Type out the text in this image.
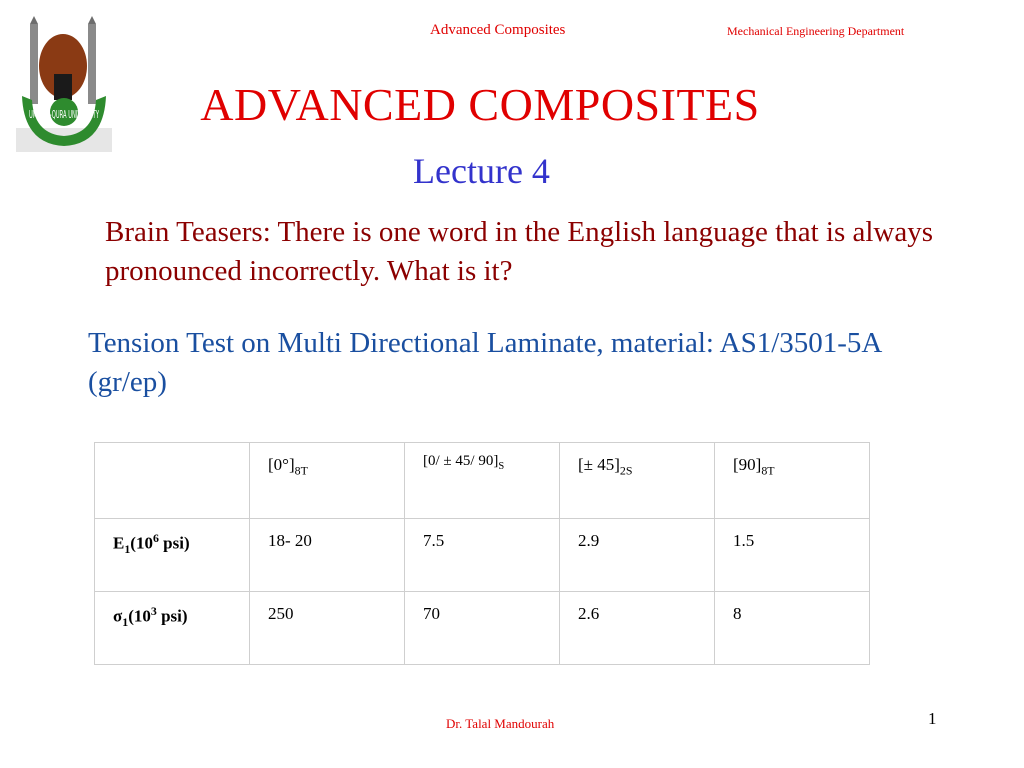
UMM AL-QURA UNIVERSITY
Advanced Composites	Mechanical Engineering Department
ADVANCED COMPOSITES
Lecture 4
Brain Teasers: There is one word in the English language that is always pronounced incorrectly. What is it?
Tension Test on Multi Directional Laminate, material: AS1/3501-5A (gr/ep)
	$[0^\circ]_{8T}$	[0/ ± 45/ $90]_S$	[± $45]_{2S}$	$[90]_{8T}$
$E_1(10^6$ psi)	18- 20	7.5	2.9	1.5
$\sigma_1(10^3$ psi)	250	70	2.6	8
Dr. Talal Mandourah	1
